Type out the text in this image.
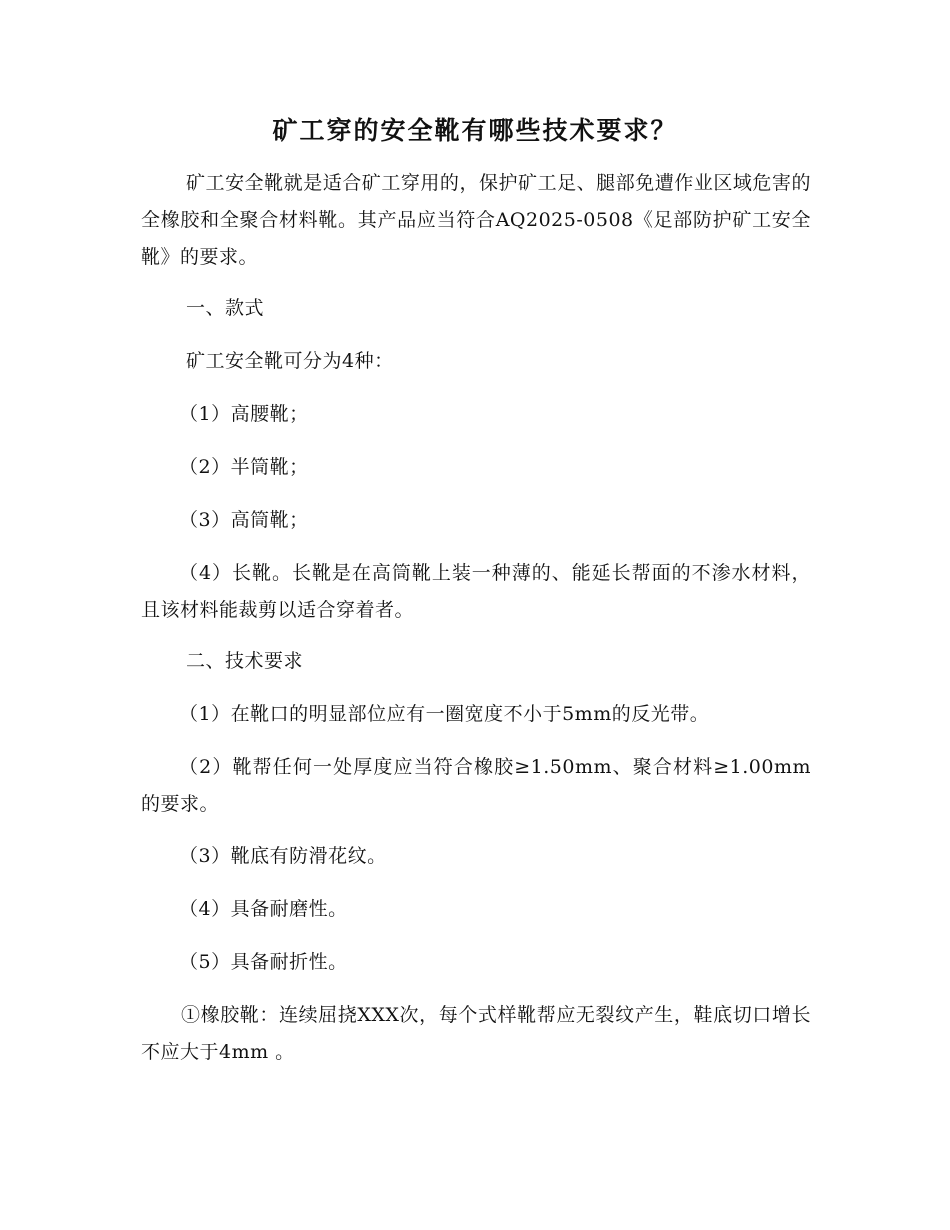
矿工穿的安全靴有哪些技术要求？
矿工安全靴就是适合矿工穿用的，保护矿工足、腿部免遭作业区域危害的全橡胶和全聚合材料靴。其产品应当符合AQ2025-0508《足部防护矿工安全靴》的要求。
一、款式
矿工安全靴可分为4种：
（1）高腰靴；
（2）半筒靴；
（3）高筒靴；
（4）长靴。长靴是在高筒靴上装一种薄的、能延长帮面的不渗水材料，且该材料能裁剪以适合穿着者。
二、技术要求
（1）在靴口的明显部位应有一圈宽度不小于5mm的反光带。
（2）靴帮任何一处厚度应当符合橡胶≥1.50mm、聚合材料≥1.00mm的要求。
（3）靴底有防滑花纹。
（4）具备耐磨性。
（5）具备耐折性。
①橡胶靴：连续屈挠XXX次，每个式样靴帮应无裂纹产生，鞋底切口增长不应大于4mm 。
